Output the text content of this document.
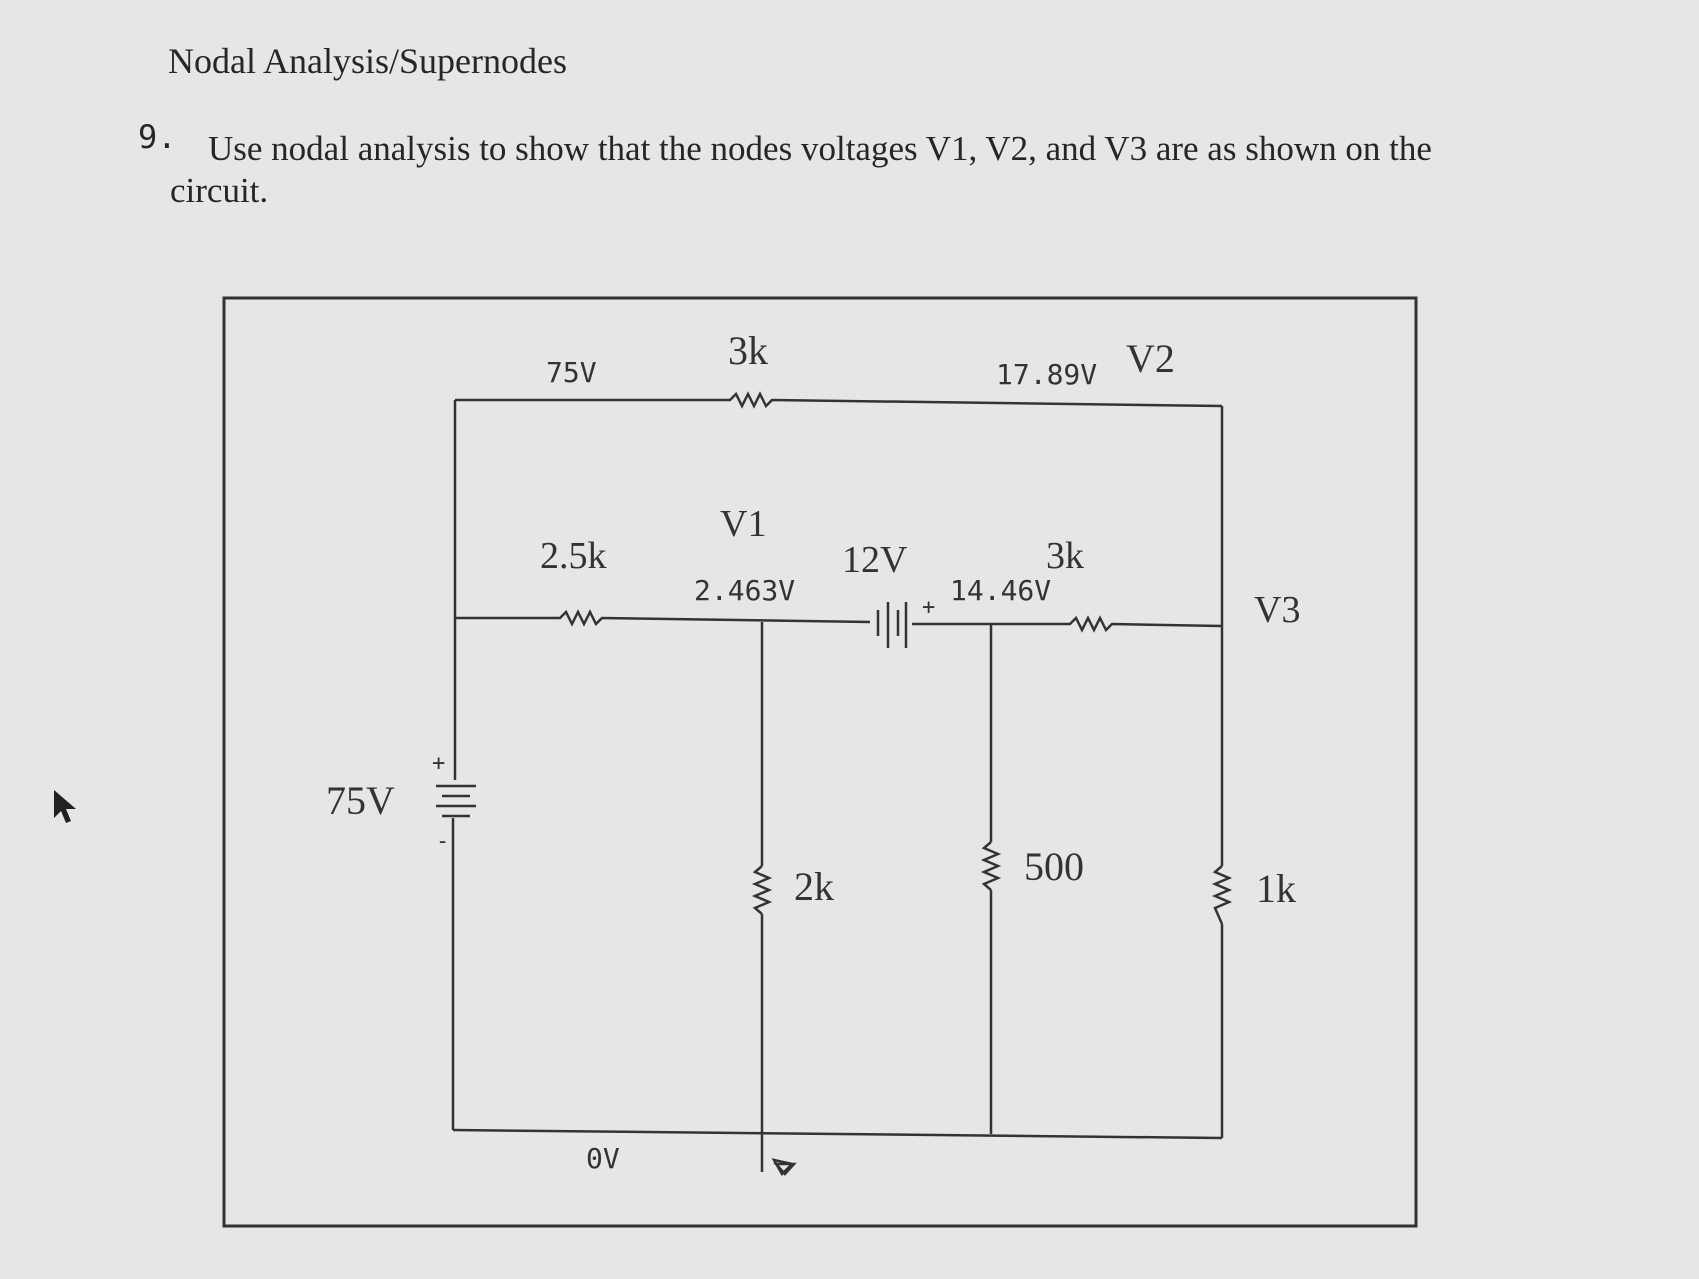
Nodal Analysis/Supernodes
9. Use nodal analysis to show that the nodes voltages V1, V2, and V3 are as shown on the circuit.
75V	3k
17.89V V2
V1
2.5k	12V	3k
2.463V
+
14.46V	V3
75V
+
-
2k	500	1k
0V
